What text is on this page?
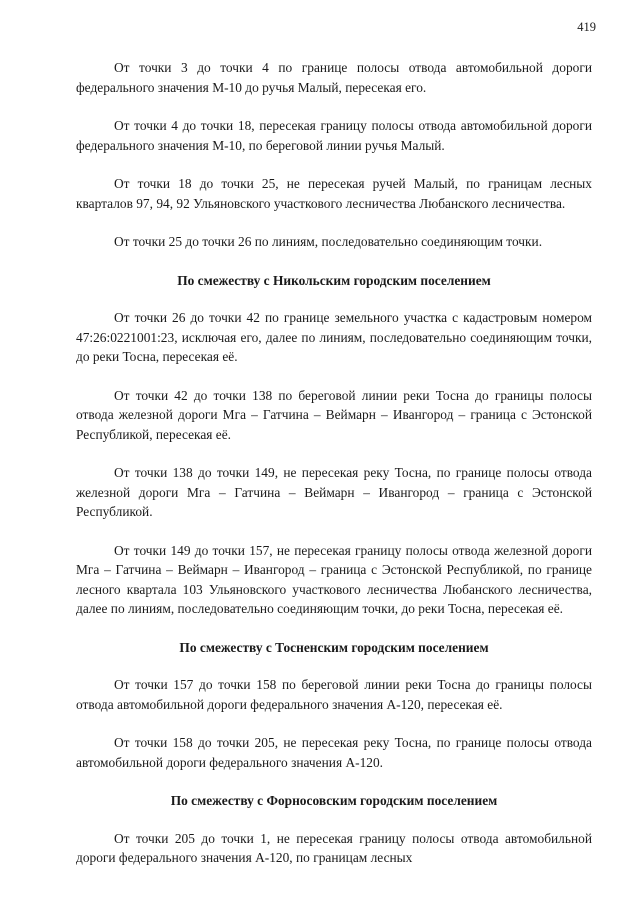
419

От точки 3 до точки 4 по границе полосы отвода автомобильной дороги федерального значения М-10 до ручья Малый, пересекая его.

От точки 4 до точки 18, пересекая границу полосы отвода автомобильной дороги федерального значения М-10, по береговой линии ручья Малый.

От точки 18 до точки 25, не пересекая ручей Малый, по границам лесных кварталов 97, 94, 92 Ульяновского участкового лесничества Любанского лесничества.

От точки 25 до точки 26 по линиям, последовательно соединяющим точки.

По смежеству с Никольским городским поселением

От точки 26 до точки 42 по границе земельного участка с кадастровым номером 47:26:0221001:23, исключая его, далее по линиям, последовательно соединяющим точки, до реки Тосна, пересекая её.

От точки 42 до точки 138 по береговой линии реки Тосна до границы полосы отвода железной дороги Мга – Гатчина – Веймарн – Ивангород – граница с Эстонской Республикой, пересекая её.

От точки 138 до точки 149, не пересекая реку Тосна, по границе полосы отвода железной дороги Мга – Гатчина – Веймарн – Ивангород – граница с Эстонской Республикой.

От точки 149 до точки 157, не пересекая границу полосы отвода железной дороги Мга – Гатчина – Веймарн – Ивангород – граница с Эстонской Республикой, по границе лесного квартала 103 Ульяновского участкового лесничества Любанского лесничества, далее по линиям, последовательно соединяющим точки, до реки Тосна, пересекая её.

По смежеству с Тосненским городским поселением

От точки 157 до точки 158 по береговой линии реки Тосна до границы полосы отвода автомобильной дороги федерального значения А-120, пересекая её.

От точки 158 до точки 205, не пересекая реку Тосна, по границе полосы отвода автомобильной дороги федерального значения А-120.

По смежеству с Форносовским городским поселением

От точки 205 до точки 1, не пересекая границу полосы отвода автомобильной дороги федерального значения А-120, по границам лесных
